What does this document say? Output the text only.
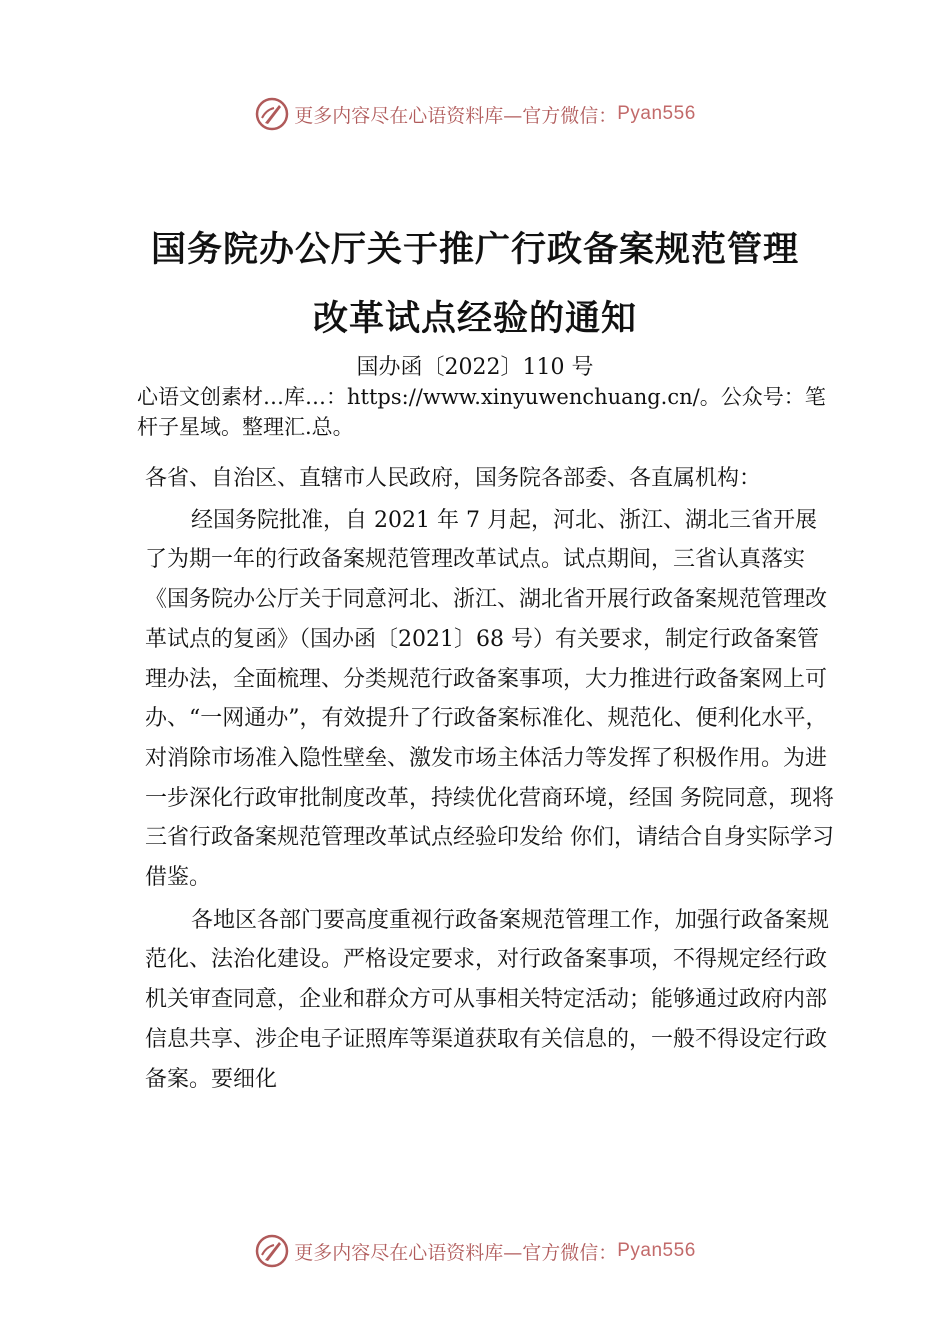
更多内容尽在心语资料库—官方微信： Pyan556
国务院办公厅关于推广行政备案规范管理
改革试点经验的通知
国办函〔2022〕110 号
心语文创素材…库…：https://www.xinyuwenchuang.cn/。公众号：笔杆子星域。整理汇.总。

各省、自治区、直辖市人民政府，国务院各部委、各直属机构：

经国务院批准，自 2021 年 7 月起，河北、浙江、湖北三省开展了为期一年的行政备案规范管理改革试点。试点期间，三省认真落实《国务院办公厅关于同意河北、浙江、湖北省开展行政备案规范管理改革试点的复函》（国办函〔2021〕68 号）有关要求，制定行政备案管理办法，全面梳理、分类规范行政备案事项，大力推进行政备案网上可办、“一网通办”，有效提升了行政备案标准化、规范化、便利化水平，对消除市场准入隐性壁垒、激发市场主体活力等发挥了积极作用。为进一步深化行政审批制度改革，持续优化营商环境，经国 务院同意，现将三省行政备案规范管理改革试点经验印发给 你们，请结合自身实际学习借鉴。

各地区各部门要高度重视行政备案规范管理工作，加强行政备案规范化、法治化建设。严格设定要求，对行政备案事项，不得规定经行政机关审查同意，企业和群众方可从事相关特定活动；能够通过政府内部信息共享、涉企电子证照库等渠道获取有关信息的，一般不得设定行政备案。要细化

更多内容尽在心语资料库—官方微信： Pyan556
